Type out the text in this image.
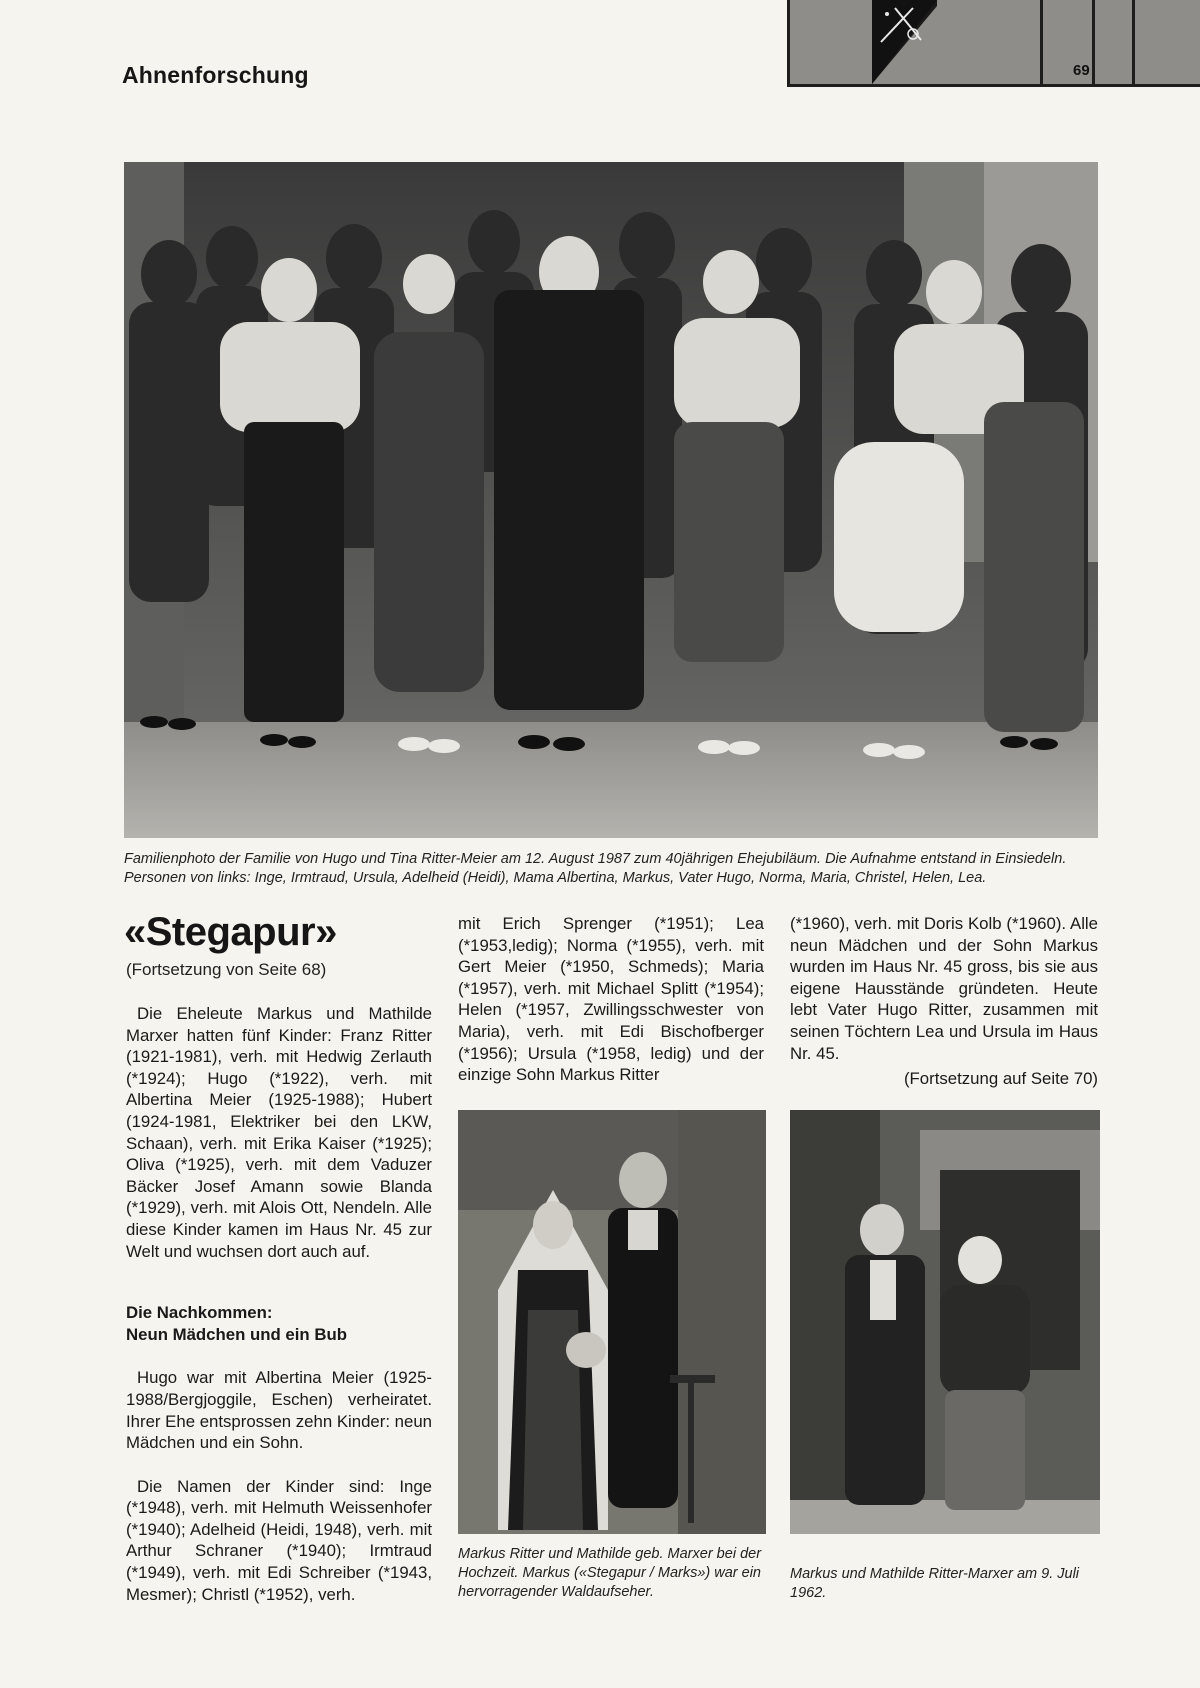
Ahnenforschung	69
Familienphoto der Familie von Hugo und Tina Ritter-Meier am 12. August 1987 zum 40jährigen Ehejubiläum. Die Aufnahme entstand in Einsiedeln. Personen von links: Inge, Irmtraud, Ursula, Adelheid (Heidi), Mama Albertina, Markus, Vater Hugo, Norma, Maria, Christel, Helen, Lea.
«Stegapur»
(Fortsetzung von Seite 68)

Die Eheleute Markus und Mathilde Marxer hatten fünf Kinder: Franz Ritter (1921-1981), verh. mit Hedwig Zerlauth (*1924); Hugo (*1922), verh. mit Albertina Meier (1925-1988); Hubert (1924-1981, Elektriker bei den LKW, Schaan), verh. mit Erika Kaiser (*1925); Oliva (*1925), verh. mit dem Vaduzer Bäcker Josef Amann sowie Blanda (*1929), verh. mit Alois Ott, Nendeln. Alle diese Kinder kamen im Haus Nr. 45 zur Welt und wuchsen dort auch auf.

Die Nachkommen:
Neun Mädchen und ein Bub

Hugo war mit Albertina Meier (1925-1988/Bergjoggile, Eschen) verheiratet. Ihrer Ehe entsprossen zehn Kinder: neun Mädchen und ein Sohn.

Die Namen der Kinder sind: Inge (*1948), verh. mit Helmuth Weissenhofer (*1940); Adelheid (Heidi, 1948), verh. mit Arthur Schraner (*1940); Irmtraud (*1949), verh. mit Edi Schreiber (*1943, Mesmer); Christl (*1952), verh.

mit Erich Sprenger (*1951); Lea (*1953,ledig); Norma (*1955), verh. mit Gert Meier (*1950, Schmeds); Maria (*1957), verh. mit Michael Splitt (*1954); Helen (*1957, Zwillingsschwester von Maria), verh. mit Edi Bischofberger (*1956); Ursula (*1958, ledig) und der einzige Sohn Markus Ritter

(*1960), verh. mit Doris Kolb (*1960). Alle neun Mädchen und der Sohn Markus wurden im Haus Nr. 45 gross, bis sie aus eigene Hausstände gründeten. Heute lebt Vater Hugo Ritter, zusammen mit seinen Töchtern Lea und Ursula im Haus Nr. 45.

(Fortsetzung auf Seite 70)
Markus Ritter und Mathilde geb. Marxer bei der Hochzeit. Markus («Stegapur / Marks») war ein hervorragender Waldaufseher.
Markus und Mathilde Ritter-Marxer am 9. Juli 1962.
